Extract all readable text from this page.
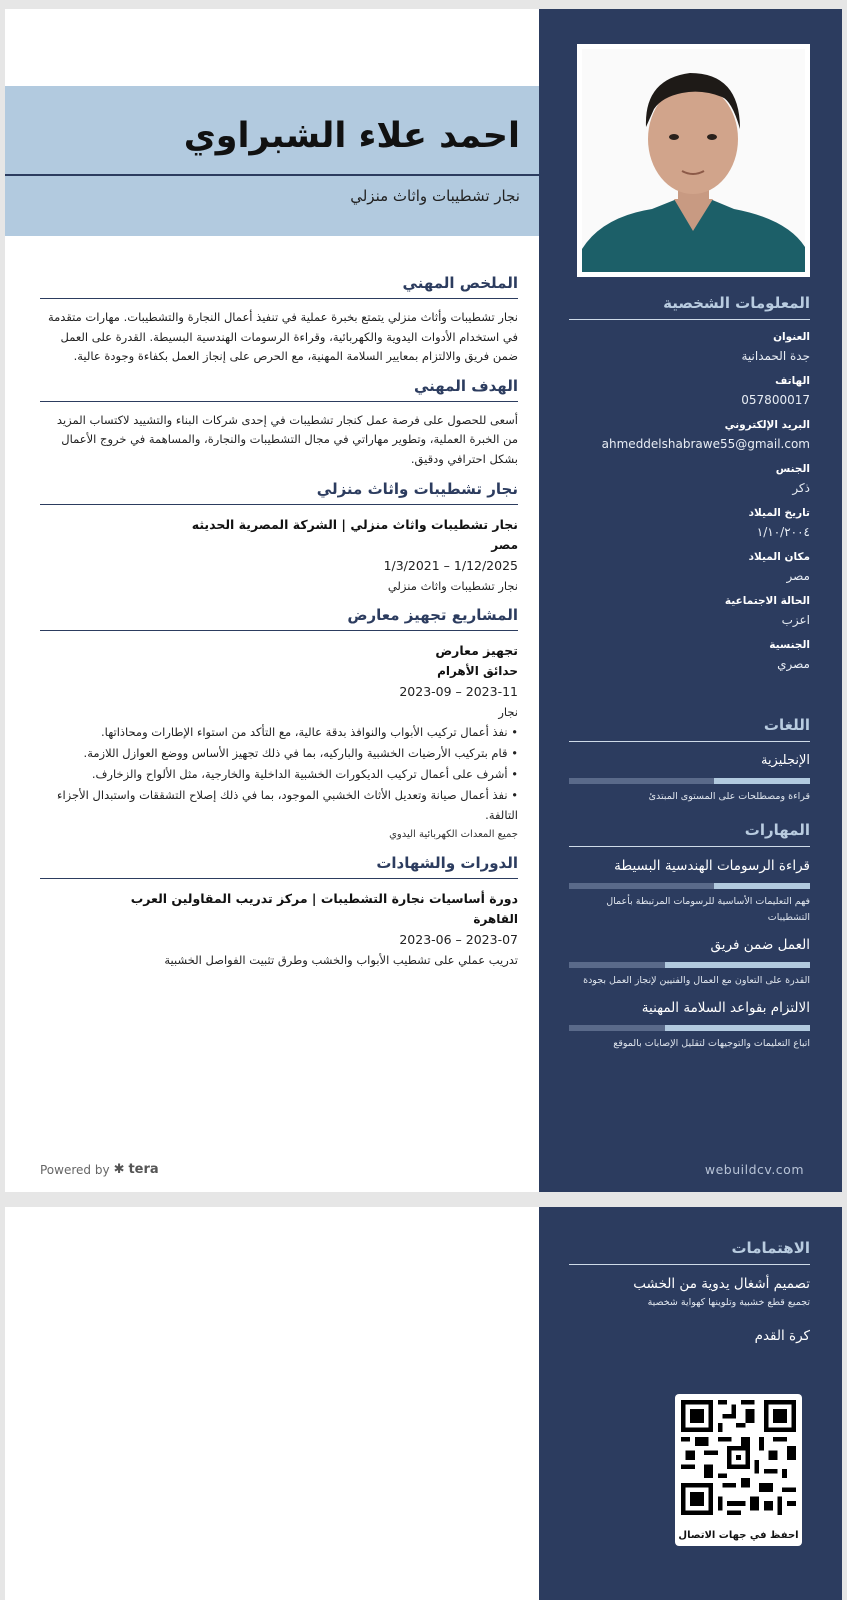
احمد علاء الشبراوي
نجار تشطيبات واثاث منزلي
المعلومات الشخصية
العنوان
جدة الحمدانية
الهاتف
057800017
البريد الإلكتروني
ahmeddelshabrawe55@gmail.com
الجنس
ذكر
تاريخ الميلاد
١/١٠/٢٠٠٤
مكان الميلاد
مصر
الحالة الاجتماعية
اعزب
الجنسية
مصري
اللغات
الإنجليزية
قراءة ومصطلحات على المستوى المبتدئ
المهارات
قراءة الرسومات الهندسية البسيطة
فهم التعليمات الأساسية للرسومات المرتبطة بأعمال التشطيبات
العمل ضمن فريق
القدرة على التعاون مع العمال والفنيين لإنجاز العمل بجودة
الالتزام بقواعد السلامة المهنية
اتباع التعليمات والتوجيهات لتقليل الإصابات بالموقع
webuildcv.com
الملخص المهني
نجار تشطيبات وأثاث منزلي يتمتع بخبرة عملية في تنفيذ أعمال النجارة والتشطيبات. مهارات متقدمة في استخدام الأدوات اليدوية والكهربائية، وقراءة الرسومات الهندسية البسيطة. القدرة على العمل ضمن فريق والالتزام بمعايير السلامة المهنية، مع الحرص على إنجاز العمل بكفاءة وجودة عالية.
الهدف المهني
أسعى للحصول على فرصة عمل كنجار تشطيبات في إحدى شركات البناء والتشييد لاكتساب المزيد من الخبرة العملية، وتطوير مهاراتي في مجال التشطيبات والنجارة، والمساهمة في خروج الأعمال بشكل احترافي ودقيق.
نجار تشطيبات واثاث منزلي
نجار تشطيبات واثاث منزلي | الشركة المصرية الحديثه
مصر
1/3/2021 – 1/12/2025
نجار تشطيبات واثاث منزلي
المشاريع تجهيز معارض
تجهيز معارض
حدائق الأهرام
2023-09 – 2023-11
نجار
• نفذ أعمال تركيب الأبواب والنوافذ بدقة عالية، مع التأكد من استواء الإطارات ومحاذاتها.
• قام بتركيب الأرضيات الخشبية والباركيه، بما في ذلك تجهيز الأساس ووضع العوازل اللازمة.
• أشرف على أعمال تركيب الديكورات الخشبية الداخلية والخارجية، مثل الألواح والزخارف.
• نفذ أعمال صيانة وتعديل الأثاث الخشبي الموجود، بما في ذلك إصلاح التشققات واستبدال الأجزاء التالفة.
جميع المعدات الكهربائية اليدوي
الدورات والشهادات
دورة أساسيات نجارة التشطيبات | مركز تدريب المقاولين العرب
القاهرة
2023-06 – 2023-07
تدريب عملي على تشطيب الأبواب والخشب وطرق تثبيت الفواصل الخشبية
Powered by ✱ tera
الاهتمامات
تصميم أشغال يدوية من الخشب
تجميع قطع خشبية وتلوينها كهواية شخصية
كرة القدم
احفظ في جهات الاتصال
